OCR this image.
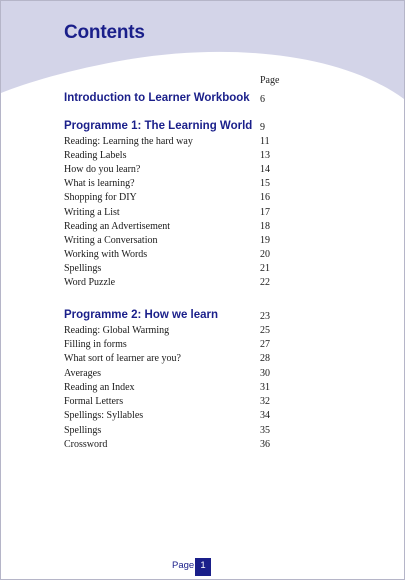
Contents
Page
Introduction to Learner Workbook 6
Programme 1: The Learning World 9
Reading: Learning the hard way	11
Reading Labels	13
How do you learn?	14
What is learning?	15
Shopping for DIY	16
Writing a List	17
Reading an Advertisement	18
Writing a Conversation	19
Working with Words	20
Spellings	21
Word Puzzle	22
Programme 2: How we learn	23
Reading: Global Warming	25
Filling in forms	27
What sort of learner are you?	28
Averages	30
Reading an Index	31
Formal Letters	32
Spellings: Syllables	34
Spellings	35
Crossword	36
Page 1
